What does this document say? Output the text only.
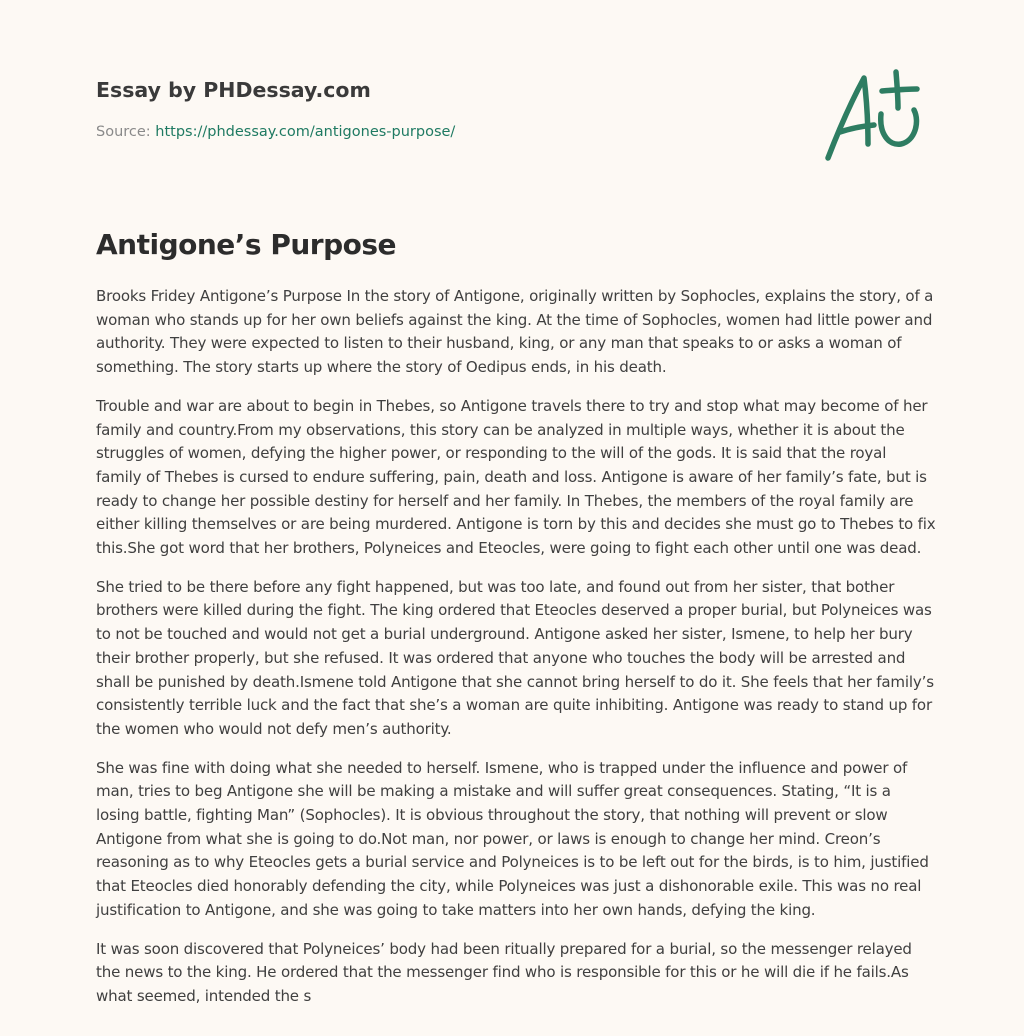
Essay by PHDessay.com
Source: https://phdessay.com/antigones-purpose/
Antigone’s Purpose

Brooks Fridey Antigone’s Purpose In the story of Antigone, originally written by Sophocles, explains the story, of a woman who stands up for her own beliefs against the king. At the time of Sophocles, women had little power and authority. They were expected to listen to their husband, king, or any man that speaks to or asks a woman of something. The story starts up where the story of Oedipus ends, in his death.

Trouble and war are about to begin in Thebes, so Antigone travels there to try and stop what may become of her family and country.From my observations, this story can be analyzed in multiple ways, whether it is about the struggles of women, defying the higher power, or responding to the will of the gods. It is said that the royal family of Thebes is cursed to endure suffering, pain, death and loss. Antigone is aware of her family’s fate, but is ready to change her possible destiny for herself and her family. In Thebes, the members of the royal family are either killing themselves or are being murdered. Antigone is torn by this and decides she must go to Thebes to fix this.She got word that her brothers, Polyneices and Eteocles, were going to fight each other until one was dead.

She tried to be there before any fight happened, but was too late, and found out from her sister, that bother brothers were killed during the fight. The king ordered that Eteocles deserved a proper burial, but Polyneices was to not be touched and would not get a burial underground. Antigone asked her sister, Ismene, to help her bury their brother properly, but she refused. It was ordered that anyone who touches the body will be arrested and shall be punished by death.Ismene told Antigone that she cannot bring herself to do it. She feels that her family’s consistently terrible luck and the fact that she’s a woman are quite inhibiting. Antigone was ready to stand up for the women who would not defy men’s authority.

She was fine with doing what she needed to herself. Ismene, who is trapped under the influence and power of man, tries to beg Antigone she will be making a mistake and will suffer great consequences. Stating, “It is a losing battle, fighting Man” (Sophocles). It is obvious throughout the story, that nothing will prevent or slow Antigone from what she is going to do.Not man, nor power, or laws is enough to change her mind. Creon’s reasoning as to why Eteocles gets a burial service and Polyneices is to be left out for the birds, is to him, justified that Eteocles died honorably defending the city, while Polyneices was just a dishonorable exile. This was no real justification to Antigone, and she was going to take matters into her own hands, defying the king.

It was soon discovered that Polyneices’ body had been ritually prepared for a burial, so the messenger relayed the news to the king. He ordered that the messenger find who is responsible for this or he will die if he fails.As what seemed, intended the s
